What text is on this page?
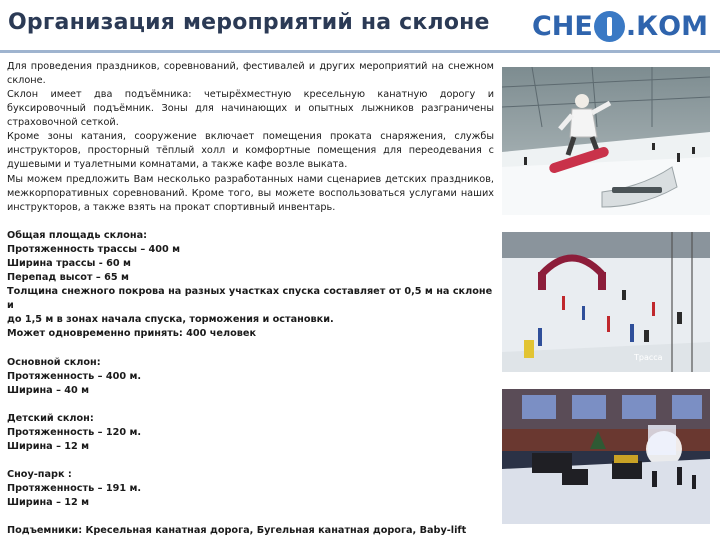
Организация мероприятий на склоне СНЕ .КОМ

Для проведения праздников, соревнований, фестивалей и других мероприятий на снежном склоне.

Склон имеет два подъёмника: четырёхместную кресельную канатную дорогу и буксировочный подъёмник. Зоны для начинающих и опытных лыжников разграничены страховочной сеткой.

Кроме зоны катания, сооружение включает помещения проката снаряжения, службы инструкторов, просторный тёплый холл и комфортные помещения для переодевания с душевыми и туалетными комнатами, а также кафе возле выката.

Мы можем предложить Вам несколько разработанных нами сценариев детских праздников, межкорпоративных соревнований. Кроме того, вы можете воспользоваться услугами наших инструкторов, а также взять на прокат спортивный инвентарь.

Общая площадь склона:

Протяженность трассы – 400 м

Ширина трассы - 60 м

Перепад высот – 65 м

Толщина снежного покрова на разных участках спуска составляет от 0,5 м на склоне и

до 1,5 м в зонах начала спуска, торможения и остановки.

Может одновременно принять: 400 человек

Основной склон:

Протяженность – 400 м.

Ширина – 40 м

Детский склон:

Протяженность – 120 м.

Ширина – 12 м

Сноу-парк :

Протяженность – 191 м.

Ширина – 12 м

Подъемники: Кресельная канатная дорога, Бугельная канатная дорога, Baby-lift

Трасса
